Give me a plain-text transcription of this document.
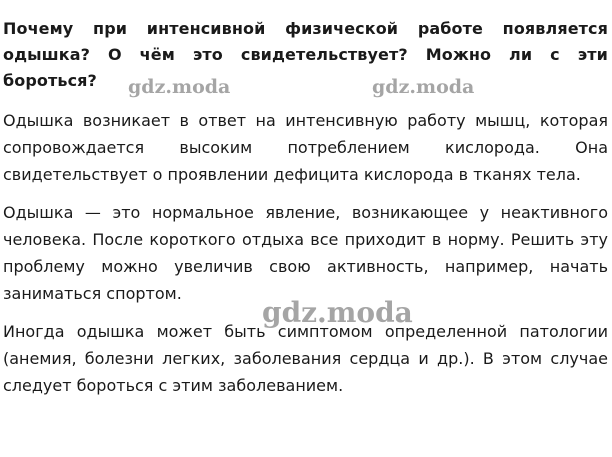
Почему при интенсивной физической работе появляется одышка? О чём это свидетельствует? Можно ли с эти бороться?
Одышка возникает в ответ на интенсивную работу мышц, которая сопровождается высоким потреблением кислорода. Она свидетельствует о проявлении дефицита кислорода в тканях тела.
Одышка — это нормальное явление, возникающее у неактивного человека. После короткого отдыха все приходит в норму. Решить эту проблему можно увеличив свою активность, например, начать заниматься спортом.
Иногда одышка может быть симптомом определенной патологии (анемия, болезни легких, заболевания сердца и др.). В этом случае следует бороться с этим заболеванием.
gdz.moda	gdz.moda
gdz.moda
